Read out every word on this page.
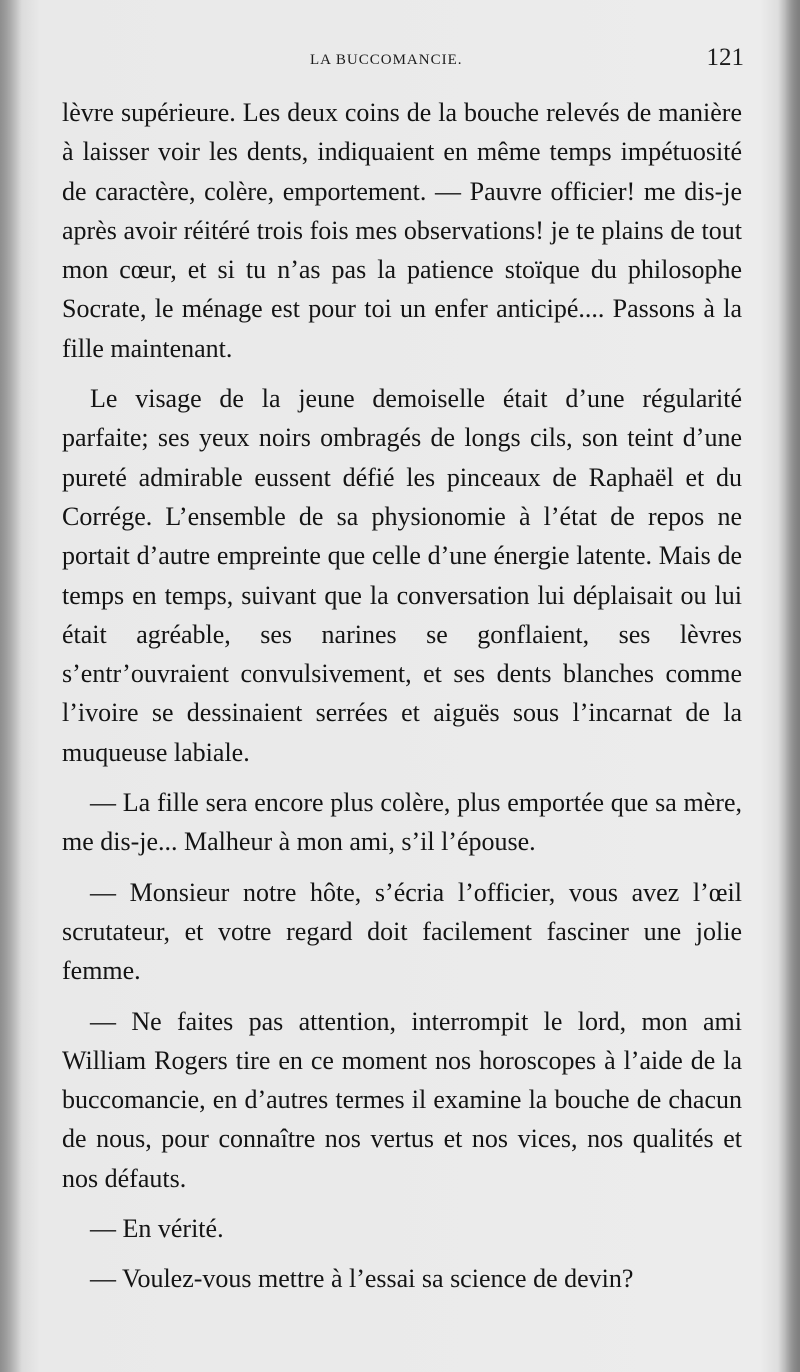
LA BUCCOMANCIE.	121

lèvre supérieure. Les deux coins de la bouche relevés de manière à laisser voir les dents, indiquaient en même temps impétuosité de caractère, colère, emportement. — Pauvre officier! me dis-je après avoir réitéré trois fois mes observations! je te plains de tout mon cœur, et si tu n’as pas la patience stoïque du philosophe Socrate, le ménage est pour toi un enfer anticipé.... Passons à la fille maintenant.

Le visage de la jeune demoiselle était d’une régularité parfaite; ses yeux noirs ombragés de longs cils, son teint d’une pureté admirable eussent défié les pinceaux de Raphaël et du Corrége. L’ensemble de sa physionomie à l’état de repos ne portait d’autre empreinte que celle d’une énergie latente. Mais de temps en temps, suivant que la conversation lui déplaisait ou lui était agréable, ses narines se gonflaient, ses lèvres s’entr’ouvraient convulsivement, et ses dents blanches comme l’ivoire se dessinaient serrées et aiguës sous l’incarnat de la muqueuse labiale.

— La fille sera encore plus colère, plus emportée que sa mère, me dis-je... Malheur à mon ami, s’il l’épouse.

— Monsieur notre hôte, s’écria l’officier, vous avez l’œil scrutateur, et votre regard doit facilement fasciner une jolie femme.

— Ne faites pas attention, interrompit le lord, mon ami William Rogers tire en ce moment nos horoscopes à l’aide de la buccomancie, en d’autres termes il examine la bouche de chacun de nous, pour connaître nos vertus et nos vices, nos qualités et nos défauts.

— En vérité.

— Voulez-vous mettre à l’essai sa science de devin?
